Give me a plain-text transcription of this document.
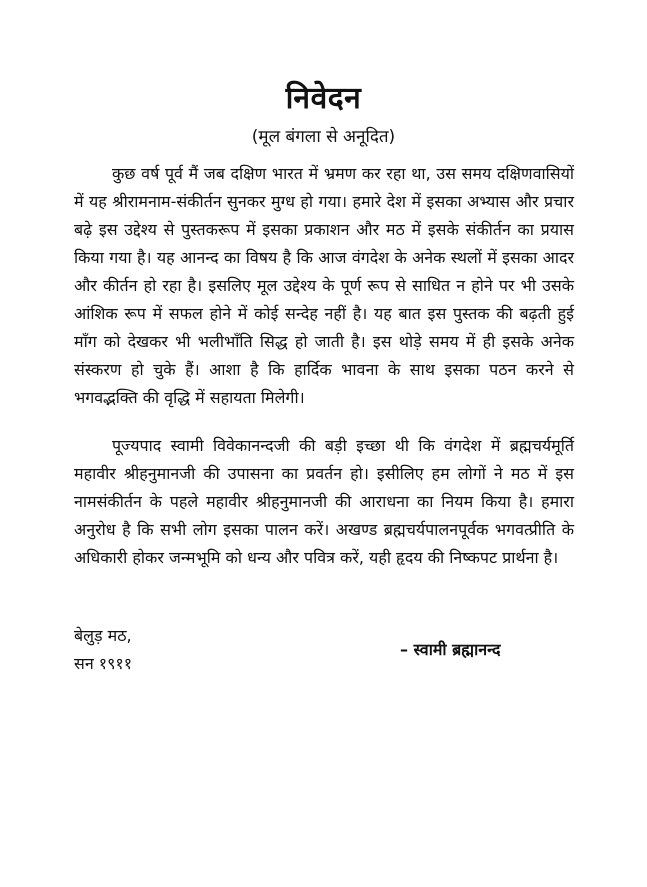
निवेदन

(मूल बंगला से अनूदित)

कुछ वर्ष पूर्व मैं जब दक्षिण भारत में भ्रमण कर रहा था, उस समय दक्षिणवासियों में यह श्रीरामनाम-संकीर्तन सुनकर मुग्ध हो गया। हमारे देश में इसका अभ्यास और प्रचार बढ़े इस उद्देश्य से पुस्तकरूप में इसका प्रकाशन और मठ में इसके संकीर्तन का प्रयास किया गया है। यह आनन्द का विषय है कि आज वंगदेश के अनेक स्थलों में इसका आदर और कीर्तन हो रहा है। इसलिए मूल उद्देश्य के पूर्ण रूप से साधित न होने पर भी उसके आंशिक रूप में सफल होने में कोई सन्देह नहीं है। यह बात इस पुस्तक की बढ़ती हुई माँग को देखकर भी भलीभाँति सिद्ध हो जाती है। इस थोड़े समय में ही इसके अनेक संस्करण हो चुके हैं। आशा है कि हार्दिक भावना के साथ इसका पठन करने से भगवद्भक्ति की वृद्धि में सहायता मिलेगी।

पूज्यपाद स्वामी विवेकानन्दजी की बड़ी इच्छा थी कि वंगदेश में ब्रह्मचर्यमूर्ति महावीर श्रीहनुमानजी की उपासना का प्रवर्तन हो। इसीलिए हम लोगों ने मठ में इस नामसंकीर्तन के पहले महावीर श्रीहनुमानजी की आराधना का नियम किया है। हमारा अनुरोध है कि सभी लोग इसका पालन करें। अखण्ड ब्रह्मचर्यपालनपूर्वक भगवत्प्रीति के अधिकारी होकर जन्मभूमि को धन्य और पवित्र करें, यही हृदय की निष्कपट प्रार्थना है।

बेलुड़ मठ,

सन १९११

– स्वामी ब्रह्मानन्द
